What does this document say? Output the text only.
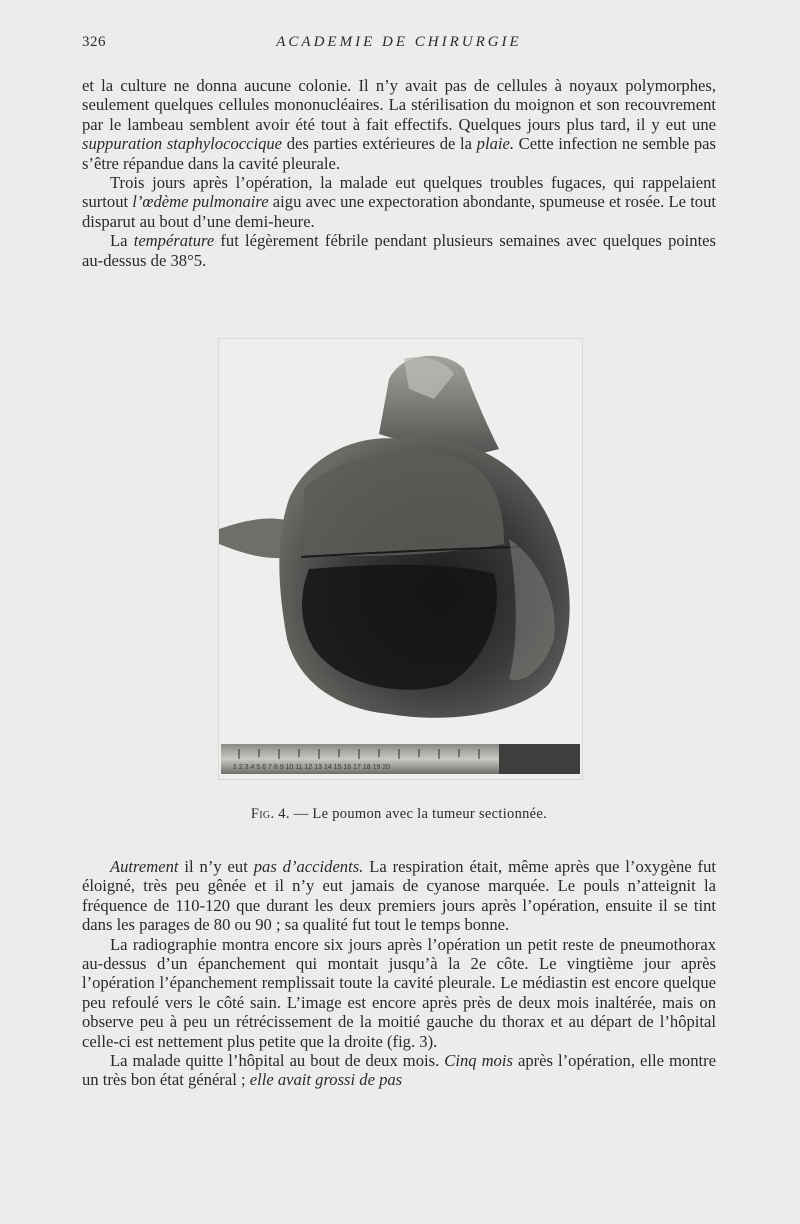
326	ACADEMIE DE CHIRURGIE

et la culture ne donna aucune colonie. Il n’y avait pas de cellules à noyaux polymorphes, seulement quelques cellules mononucléaires. La stérilisation du moignon et son recouvrement par le lambeau semblent avoir été tout à fait effectifs. Quelques jours plus tard, il y eut une suppuration staphylococcique des parties extérieures de la plaie. Cette infection ne semble pas s’être répandue dans la cavité pleurale.

Trois jours après l’opération, la malade eut quelques troubles fugaces, qui rappelaient surtout l’œdème pulmonaire aigu avec une expectoration abondante, spumeuse et rosée. Le tout disparut au bout d’une demi-heure.

La température fut légèrement fébrile pendant plusieurs semaines avec quelques pointes au-dessus de 38°5.

1 2 3 4 5 6 7 8 9 10 11 12 13 14 15 16 17 18 19 20
Fig. 4. — Le poumon avec la tumeur sectionnée.

Autrement il n’y eut pas d’accidents. La respiration était, même après que l’oxygène fut éloigné, très peu gênée et il n’y eut jamais de cyanose marquée. Le pouls n’atteignit la fréquence de 110-120 que durant les deux premiers jours après l’opération, ensuite il se tint dans les parages de 80 ou 90 ; sa qualité fut tout le temps bonne.

La radiographie montra encore six jours après l’opération un petit reste de pneumothorax au-dessus d’un épanchement qui montait jusqu’à la 2e côte. Le vingtième jour après l’opération l’épanchement remplissait toute la cavité pleurale. Le médiastin est encore quelque peu refoulé vers le côté sain. L’image est encore après près de deux mois inaltérée, mais on observe peu à peu un rétrécissement de la moitié gauche du thorax et au départ de l’hôpital celle-ci est nettement plus petite que la droite (fig. 3).

La malade quitte l’hôpital au bout de deux mois. Cinq mois après l’opération, elle montre un très bon état général ; elle avait grossi de pas
